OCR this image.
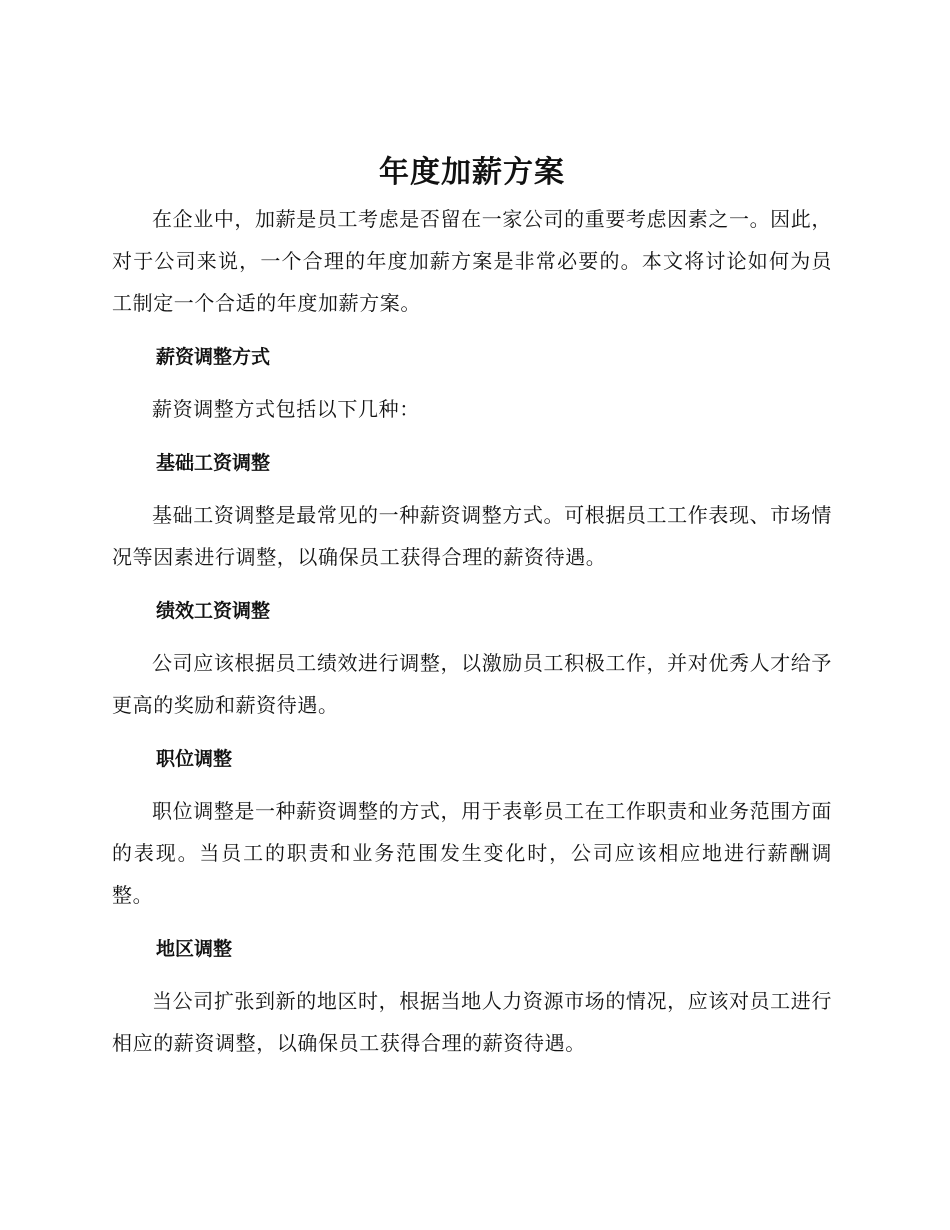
年度加薪方案

在企业中，加薪是员工考虑是否留在一家公司的重要考虑因素之一。因此，对于公司来说，一个合理的年度加薪方案是非常必要的。本文将讨论如何为员工制定一个合适的年度加薪方案。

薪资调整方式

薪资调整方式包括以下几种：

基础工资调整

基础工资调整是最常见的一种薪资调整方式。可根据员工工作表现、市场情况等因素进行调整，以确保员工获得合理的薪资待遇。

绩效工资调整

公司应该根据员工绩效进行调整，以激励员工积极工作，并对优秀人才给予更高的奖励和薪资待遇。

职位调整

职位调整是一种薪资调整的方式，用于表彰员工在工作职责和业务范围方面的表现。当员工的职责和业务范围发生变化时，公司应该相应地进行薪酬调整。

地区调整

当公司扩张到新的地区时，根据当地人力资源市场的情况，应该对员工进行相应的薪资调整，以确保员工获得合理的薪资待遇。
